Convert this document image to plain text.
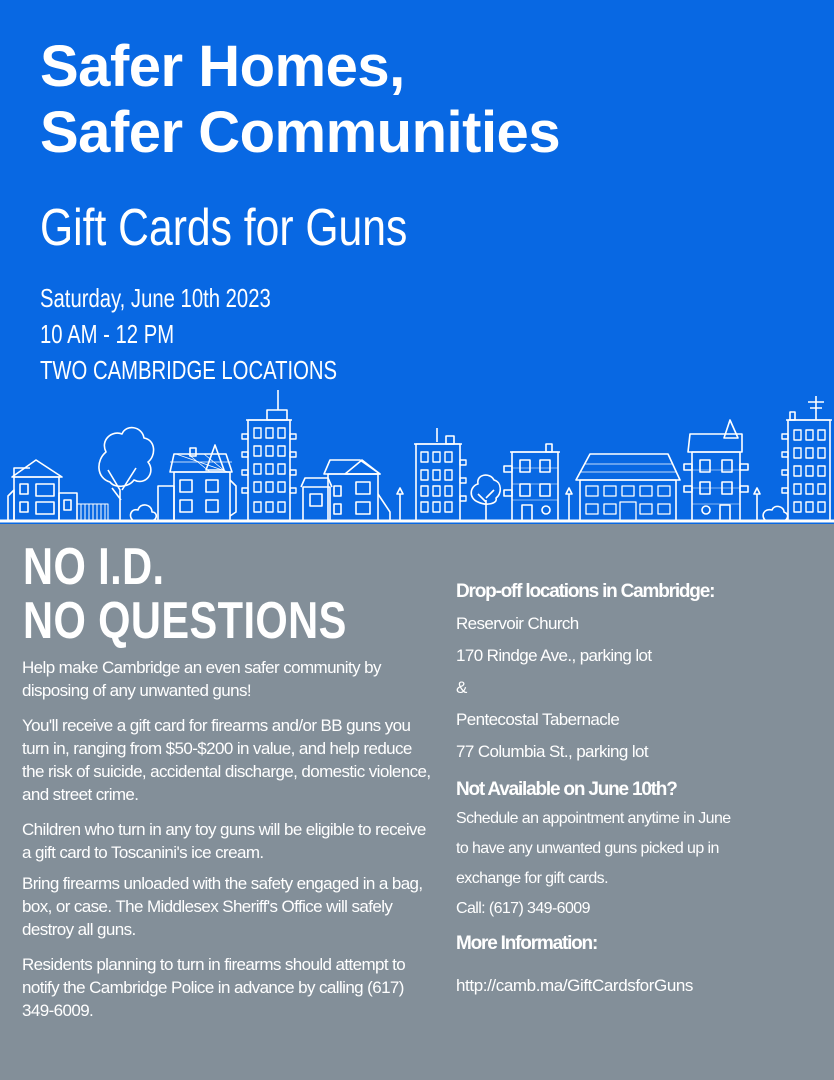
Safer Homes,
Safer Communities
Gift Cards for Guns
Saturday, June 10th 2023
10 AM - 12 PM
TWO CAMBRIDGE LOCATIONS
NO I.D.
NO QUESTIONS

Help make Cambridge an even safer community by disposing of any unwanted guns!

You'll receive a gift card for firearms and/or BB guns you turn in, ranging from $50-$200 in value, and help reduce the risk of suicide, accidental discharge, domestic violence, and street crime.

Children who turn in any toy guns will be eligible to receive a gift card to Toscanini's ice cream.

Bring firearms unloaded with the safety engaged in a bag, box, or case. The Middlesex Sheriff's Office will safely destroy all guns.

Residents planning to turn in firearms should attempt to notify the Cambridge Police in advance by calling (617) 349-6009.

Drop-off locations in Cambridge:
Reservoir Church
170 Rindge Ave., parking lot
&
Pentecostal Tabernacle
77 Columbia St., parking lot
Not Available on June 10th?
Schedule an appointment anytime in June
to have any unwanted guns picked up in
exchange for gift cards.
Call: (617) 349-6009
More Information:
http://camb.ma/GiftCardsforGuns
